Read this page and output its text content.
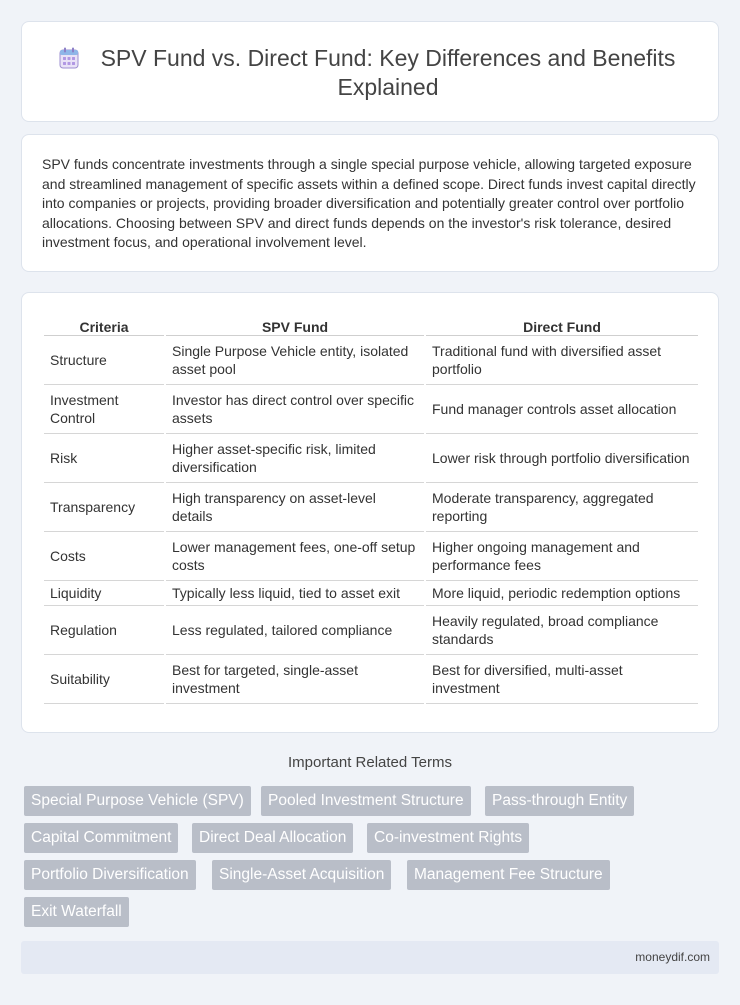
SPV Fund vs. Direct Fund: Key Differences and Benefits Explained

SPV funds concentrate investments through a single special purpose vehicle, allowing targeted exposure and streamlined management of specific assets within a defined scope. Direct funds invest capital directly into companies or projects, providing broader diversification and potentially greater control over portfolio allocations. Choosing between SPV and direct funds depends on the investor's risk tolerance, desired investment focus, and operational involvement level.

Criteria	SPV Fund	Direct Fund
Structure	Single Purpose Vehicle entity, isolated asset pool	Traditional fund with diversified asset portfolio
Investment Control	Investor has direct control over specific assets	Fund manager controls asset allocation
Risk	Higher asset-specific risk, limited diversification	Lower risk through portfolio diversification
Transparency	High transparency on asset-level details	Moderate transparency, aggregated reporting
Costs	Lower management fees, one-off setup costs	Higher ongoing management and performance fees
Liquidity	Typically less liquid, tied to asset exit	More liquid, periodic redemption options
Regulation	Less regulated, tailored compliance	Heavily regulated, broad compliance standards
Suitability	Best for targeted, single-asset investment	Best for diversified, multi-asset investment
Important Related Terms
Special Purpose Vehicle (SPV)	Pooled Investment Structure	Pass-through Entity
Capital Commitment	Direct Deal Allocation	Co-investment Rights
Portfolio Diversification	Single-Asset Acquisition	Management Fee Structure
Exit Waterfall
moneydif.com
